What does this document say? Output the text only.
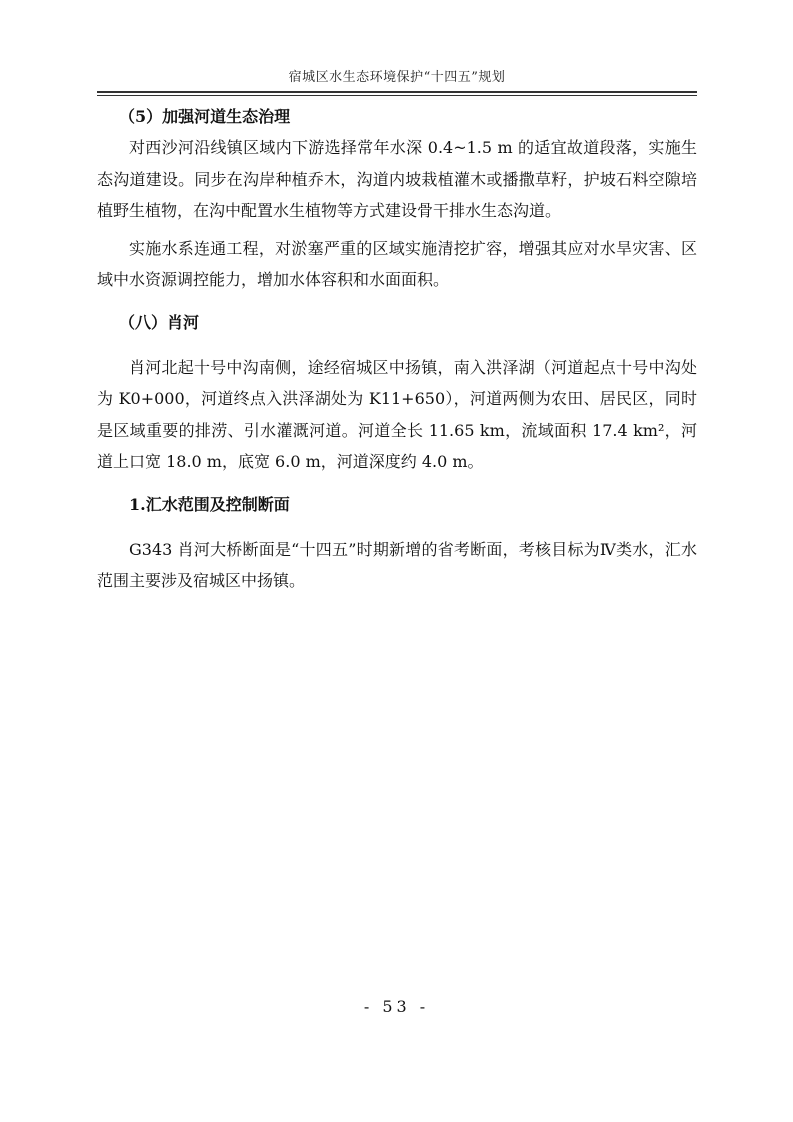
宿城区水生态环境保护“十四五”规划

（5）加强河道生态治理

对西沙河沿线镇区域内下游选择常年水深 0.4~1.5 m 的适宜故道段落，实施生态沟道建设。同步在沟岸种植乔木，沟道内坡栽植灌木或播撒草籽，护坡石料空隙培植野生植物，在沟中配置水生植物等方式建设骨干排水生态沟道。

实施水系连通工程，对淤塞严重的区域实施清挖扩容，增强其应对水旱灾害、区域中水资源调控能力，增加水体容积和水面面积。

（八）肖河

肖河北起十号中沟南侧，途经宿城区中扬镇，南入洪泽湖（河道起点十号中沟处为 K0+000，河道终点入洪泽湖处为 K11+650），河道两侧为农田、居民区，同时是区域重要的排涝、引水灌溉河道。河道全长 11.65 km，流域面积 17.4 km²，河道上口宽 18.0 m，底宽 6.0 m，河道深度约 4.0 m。

1.汇水范围及控制断面

G343 肖河大桥断面是“十四五”时期新增的省考断面，考核目标为Ⅳ类水，汇水范围主要涉及宿城区中扬镇。

- 53 -
